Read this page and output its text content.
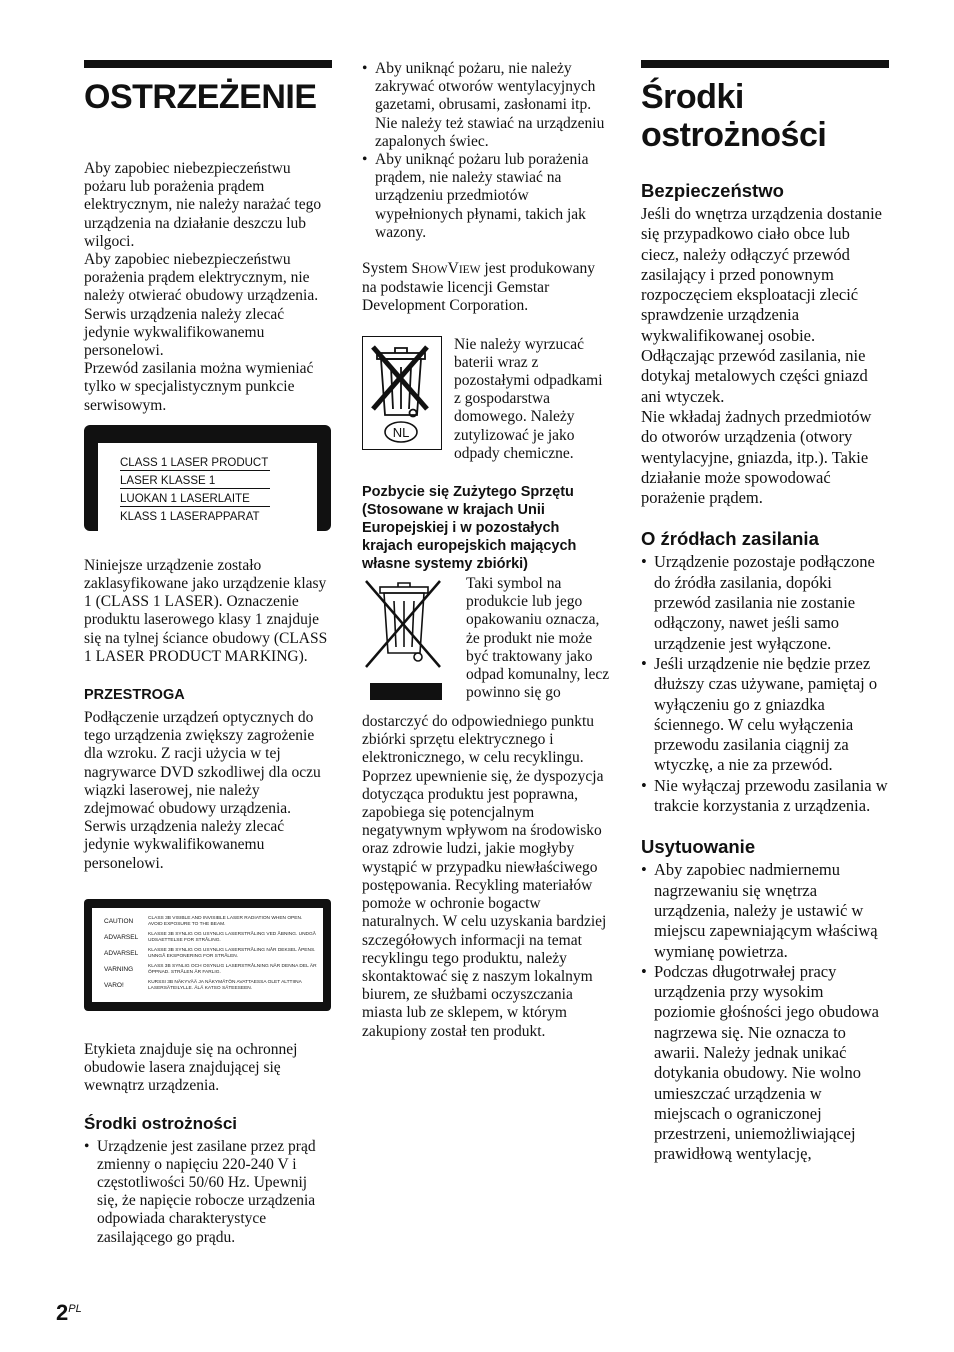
OSTRZEŻENIE

Aby zapobiec niebezpieczeństwu pożaru lub porażenia prądem elektrycznym, nie należy narażać tego urządzenia na działanie deszczu lub wilgoci.

Aby zapobiec niebezpieczeństwu porażenia prądem elektrycznym, nie należy otwierać obudowy urządzenia. Serwis urządzenia należy zlecać jedynie wykwalifikowanemu personelowi.

Przewód zasilania można wymieniać tylko w specjalistycznym punkcie serwisowym.

CLASS 1 LASER PRODUCT
LASER KLASSE 1
LUOKAN 1 LASERLAITE
KLASS 1 LASERAPPARAT

Niniejsze urządzenie zostało zaklasyfikowane jako urządzenie klasy 1 (CLASS 1 LASER). Oznaczenie produktu laserowego klasy 1 znajduje się na tylnej ściance obudowy (CLASS 1 LASER PRODUCT MARKING).

PRZESTROGA

Podłączenie urządzeń optycznych do tego urządzenia zwiększy zagrożenie dla wzroku. Z racji użycia w tej nagrywarce DVD szkodliwej dla oczu wiązki laserowej, nie należy zdejmować obudowy urządzenia.

Serwis urządzenia należy zlecać jedynie wykwalifikowanemu personelowi.

CAUTION	CLASS 3B VISIBLE AND INVISIBLE LASER RADIATION WHEN OPEN. AVOID EXPOSURE TO THE BEAM.
ADVARSEL	KLASSE 3B SYNLIG OG USYNLIG LASERSTRÅLING VED ÅBNING. UNDGÅ UDSAETTELSE FOR STRÅLING.
ADVARSEL	KLASSE 3B SYNLIG OG USYNLIG LASERSTRÅLING NÅR DEKSEL ÅPENS. UNNGÅ EKSPONERING FOR STRÅLEN.
VARNING	KLASS 3B SYNLIG OCH OSYNLIG LASERSTRÅLNING NÄR DENNA DEL ÄR ÖPPNAD. STRÅLEN ÄR FARLIG.
VARO!	KURSSI 3B NÄKYVÄÄ JA NÄKYMÄTÖN AVATTAESSA OLET ALTTIINA LASERSÄTEILYLLE. ÄLÄ KATSO SÄTEESEEN.

Etykieta znajduje się na ochronnej obudowie lasera znajdującej się wewnątrz urządzenia.

Środki ostrożności
• Urządzenie jest zasilane przez prąd zmienny o napięciu 220-240 V i częstotliwości 50/60 Hz. Upewnij się, że napięcie robocze urządzenia odpowiada charakterystyce zasilającego go prądu.
• Aby uniknąć pożaru, nie należy zakrywać otworów wentylacyjnych gazetami, obrusami, zasłonami itp. Nie należy też stawiać na urządzeniu zapalonych świec.
• Aby uniknąć pożaru lub porażenia prądem, nie należy stawiać na urządzeniu przedmiotów wypełnionych płynami, takich jak wazony.

System SHOWVIEW jest produkowany na podstawie licencji Gemstar Development Corporation.

NL

Nie należy wyrzucać baterii wraz z pozostałymi odpadkami z gospodarstwa domowego. Należy zutylizować je jako odpady chemiczne.

Pozbycie się Zużytego Sprzętu (Stosowane w krajach Unii Europejskiej i w pozostałych krajach europejskich mających własne systemy zbiórki)

Taki symbol na produkcie lub jego opakowaniu oznacza, że produkt nie może być traktowany jako odpad komunalny, lecz powinno się go

dostarczyć do odpowiedniego punktu zbiórki sprzętu elektrycznego i elektronicznego, w celu recyklingu. Poprzez upewnienie się, że dyspozycja dotycząca produktu jest poprawna, zapobiega się potencjalnym negatywnym wpływom na środowisko oraz zdrowie ludzi, jakie mogłyby wystąpić w przypadku niewłaściwego postępowania. Recykling materiałów pomoże w ochronie bogactw naturalnych. W celu uzyskania bardziej szczegółowych informacji na temat recyklingu tego produktu, należy skontaktować się z naszym lokalnym biurem, ze służbami oczyszczania miasta lub ze sklepem, w którym zakupiony został ten produkt.

Środki
ostrożności
Bezpieczeństwo

Jeśli do wnętrza urządzenia dostanie się przypadkowo ciało obce lub ciecz, należy odłączyć przewód zasilający i przed ponownym rozpoczęciem eksploatacji zlecić sprawdzenie urządzenia wykwalifikowanej osobie.

Odłączając przewód zasilania, nie dotykaj metalowych części gniazd ani wtyczek.

Nie wkładaj żadnych przedmiotów do otworów urządzenia (otwory wentylacyjne, gniazda, itp.). Takie działanie może spowodować porażenie prądem.

O źródłach zasilania
• Urządzenie pozostaje podłączone do źródła zasilania, dopóki przewód zasilania nie zostanie odłączony, nawet jeśli samo urządzenie jest wyłączone.
• Jeśli urządzenie nie będzie przez dłuższy czas używane, pamiętaj o wyłączeniu go z gniazdka ściennego. W celu wyłączenia przewodu zasilania ciągnij za wtyczkę, a nie za przewód.
• Nie wyłączaj przewodu zasilania w trakcie korzystania z urządzenia.
Usytuowanie
• Aby zapobiec nadmiernemu nagrzewaniu się wnętrza urządzenia, należy je ustawić w miejscu zapewniającym właściwą wymianę powietrza.
• Podczas długotrwałej pracy urządzenia przy wysokim poziomie głośności jego obudowa nagrzewa się. Nie oznacza to awarii. Należy jednak unikać dotykania obudowy. Nie wolno umieszczać urządzenia w miejscach o ograniczonej przestrzeni, uniemożliwiającej prawidłową wentylację,
$2^{PL}$
